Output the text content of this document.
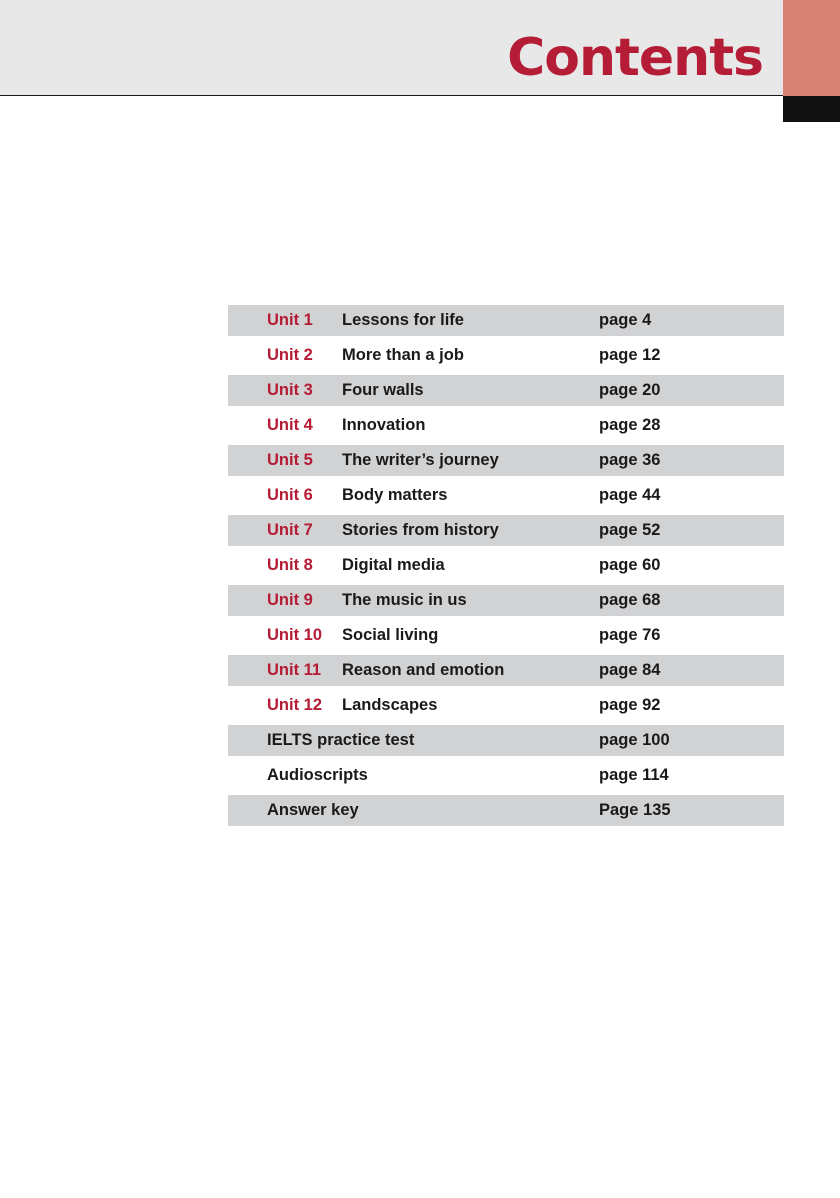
Contents
Unit 1 Lessons for life	page 4
Unit 2 More than a job	page 12
Unit 3 Four walls	page 20
Unit 4 Innovation	page 28
Unit 5 The writer’s journey	page 36
Unit 6 Body matters	page 44
Unit 7 Stories from history	page 52
Unit 8 Digital media	page 60
Unit 9 The music in us	page 68
Unit 10 Social living	page 76
Unit 11 Reason and emotion	page 84
Unit 12 Landscapes	page 92
IELTS practice test	page 100
Audioscripts	page 114
Answer key	Page 135
